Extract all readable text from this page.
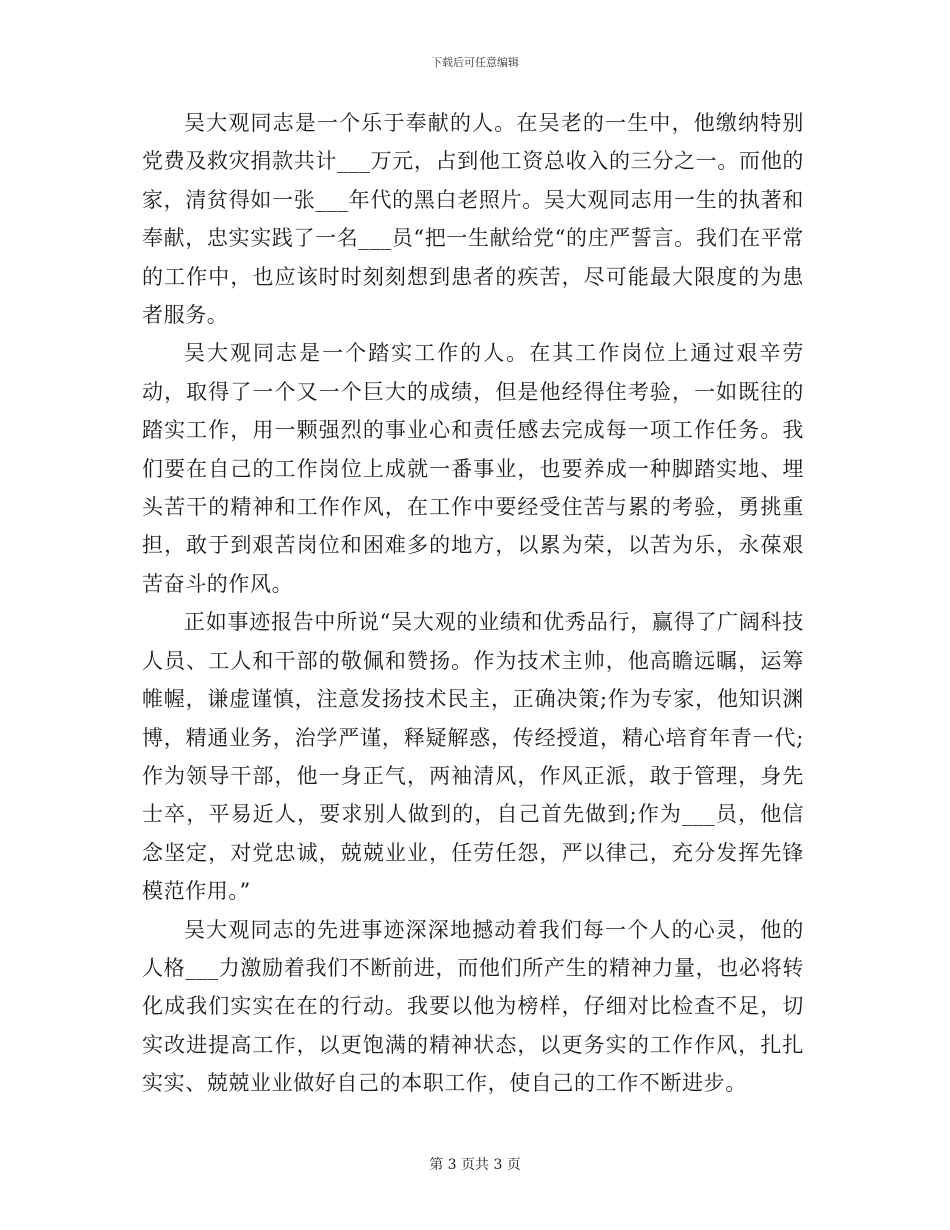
下载后可任意编辑

吴大观同志是一个乐于奉献的人。在吴老的一生中，他缴纳特别党费及救灾捐款共计___万元，占到他工资总收入的三分之一。而他的家，清贫得如一张___年代的黑白老照片。吴大观同志用一生的执著和奉献，忠实实践了一名___员“把一生献给党“的庄严誓言。我们在平常的工作中，也应该时时刻刻想到患者的疾苦，尽可能最大限度的为患者服务。

吴大观同志是一个踏实工作的人。在其工作岗位上通过艰辛劳动，取得了一个又一个巨大的成绩，但是他经得住考验，一如既往的踏实工作，用一颗强烈的事业心和责任感去完成每一项工作任务。我们要在自己的工作岗位上成就一番事业，也要养成一种脚踏实地、埋头苦干的精神和工作作风，在工作中要经受住苦与累的考验，勇挑重担，敢于到艰苦岗位和困难多的地方，以累为荣，以苦为乐，永葆艰苦奋斗的作风。

正如事迹报告中所说“吴大观的业绩和优秀品行，赢得了广阔科技人员、工人和干部的敬佩和赞扬。作为技术主帅，他高瞻远瞩，运筹帷幄，谦虚谨慎，注意发扬技术民主，正确决策;作为专家，他知识渊博，精通业务，治学严谨，释疑解惑，传经授道，精心培育年青一代;作为领导干部，他一身正气，两袖清风，作风正派，敢于管理，身先士卒，平易近人，要求别人做到的，自己首先做到;作为___员，他信念坚定，对党忠诚，兢兢业业，任劳任怨，严以律己，充分发挥先锋模范作用。”

吴大观同志的先进事迹深深地撼动着我们每一个人的心灵，他的人格___力激励着我们不断前进，而他们所产生的精神力量，也必将转化成我们实实在在的行动。我要以他为榜样，仔细对比检查不足，切实改进提高工作，以更饱满的精神状态，以更务实的工作作风，扎扎实实、兢兢业业做好自己的本职工作，使自己的工作不断进步。

第 3 页共 3 页
